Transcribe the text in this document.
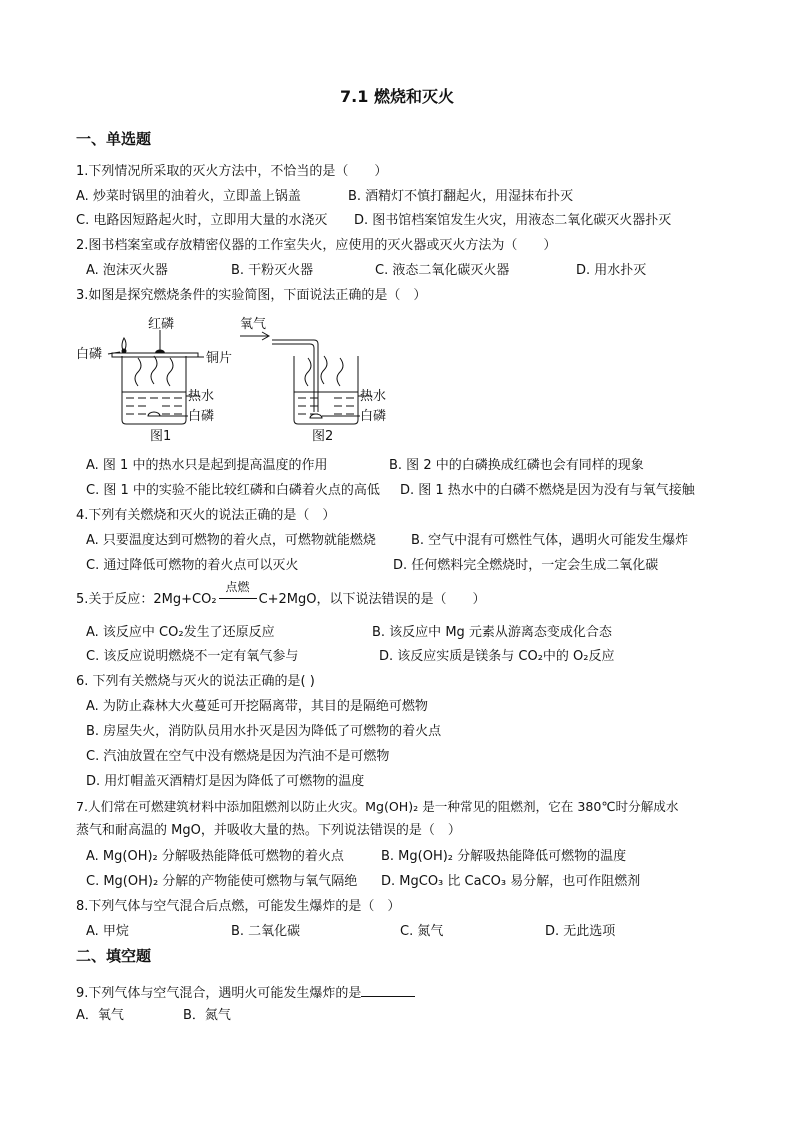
7.1 燃烧和灭火
一、单选题
1.下列情况所采取的灭火方法中，不恰当的是（　　）
A. 炒菜时锅里的油着火，立即盖上锅盖	B. 酒精灯不慎打翻起火，用湿抹布扑灭
C. 电路因短路起火时，立即用大量的水浇灭 D. 图书馆档案馆发生火灾，用液态二氧化碳灭火器扑灭
2.图书档案室或存放精密仪器的工作室失火，应使用的灭火器或灭火方法为（　　）
A. 泡沫灭火器	B. 干粉灭火器	C. 液态二氧化碳灭火器	D. 用水扑灭
3.如图是探究燃烧条件的实验简图，下面说法正确的是（　）
红磷
白磷	铜片
热水
白磷
图1
氧气
热水
白磷
图2
A. 图 1 中的热水只是起到提高温度的作用	B. 图 2 中的白磷换成红磷也会有同样的现象
C. 图 1 中的实验不能比较红磷和白磷着火点的高低 D. 图 1 热水中的白磷不燃烧是因为没有与氧气接触
4.下列有关燃烧和灭火的说法正确的是（　）
A. 只要温度达到可燃物的着火点，可燃物就能燃烧	B. 空气中混有可燃性气体，遇明火可能发生爆炸
C. 通过降低可燃物的着火点可以灭火	D. 任何燃料完全燃烧时，一定会生成二氧化碳
5.关于反应：2Mg+CO₂
点燃
C+2MgO，以下说法错误的是（　　）
A. 该反应中 CO₂发生了还原反应	B. 该反应中 Mg 元素从游离态变成化合态
C. 该反应说明燃烧不一定有氧气参与	D. 该反应实质是镁条与 CO₂中的 O₂反应
6. 下列有关燃烧与灭火的说法正确的是( )
A. 为防止森林大火蔓延可开挖隔离带，其目的是隔绝可燃物
B. 房屋失火，消防队员用水扑灭是因为降低了可燃物的着火点
C. 汽油放置在空气中没有燃烧是因为汽油不是可燃物
D. 用灯帽盖灭酒精灯是因为降低了可燃物的温度
7.人们常在可燃建筑材料中添加阻燃剂以防止火灾。Mg(OH)₂ 是一种常见的阻燃剂，它在 380℃时分解成水
蒸气和耐高温的 MgO，并吸收大量的热。下列说法错误的是（　）
A. Mg(OH)₂ 分解吸热能降低可燃物的着火点	B. Mg(OH)₂ 分解吸热能降低可燃物的温度
C. Mg(OH)₂ 分解的产物能使可燃物与氧气隔绝 D. MgCO₃ 比 CaCO₃ 易分解，也可作阻燃剂
8.下列气体与空气混合后点燃，可能发生爆炸的是（　）
A. 甲烷	B. 二氧化碳	C. 氮气	D. 无此选项
二、填空题
9.下列气体与空气混合，遇明火可能发生爆炸的是
A．氧气	B．氮气
